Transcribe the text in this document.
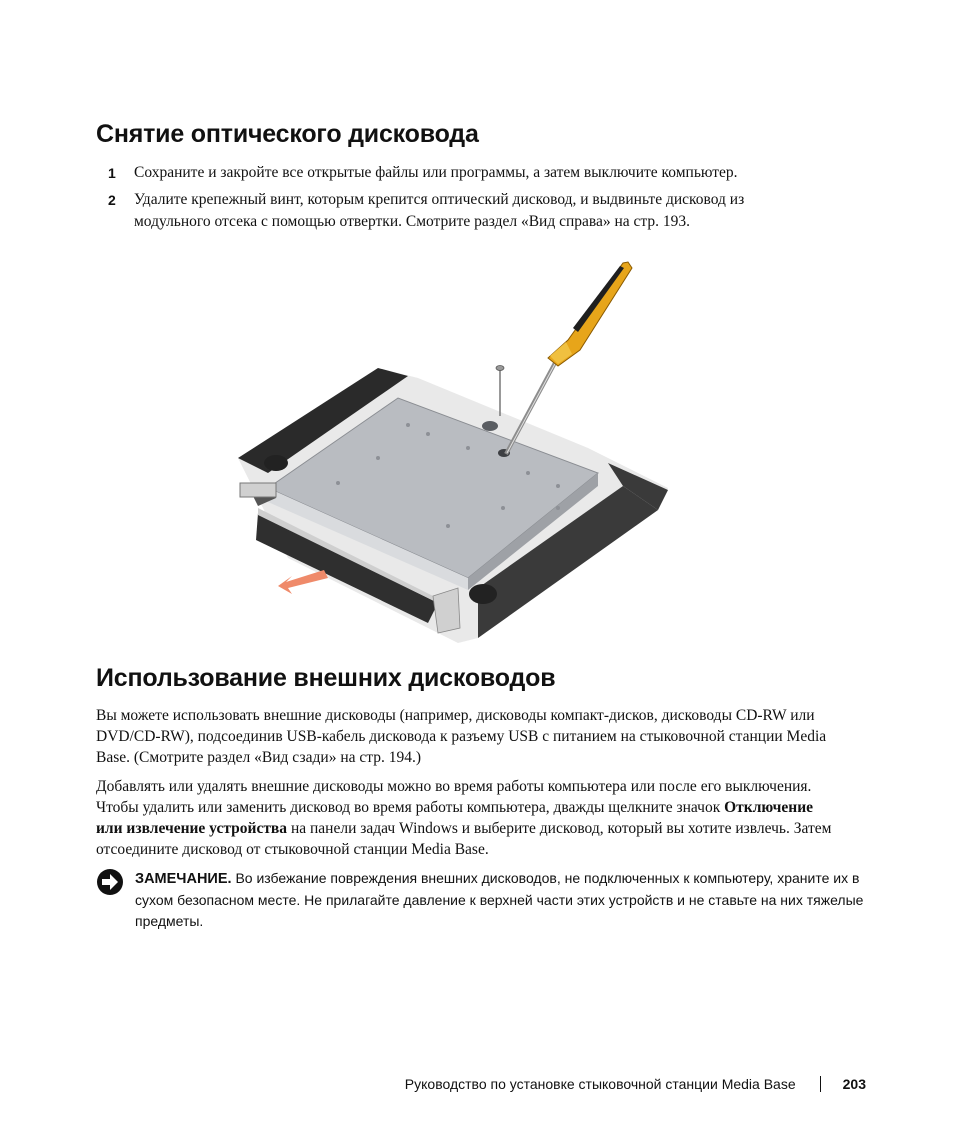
Снятие оптического дисковода
1 Сохраните и закройте все открытые файлы или программы, а затем выключите компьютер.
2 Удалите крепежный винт, которым крепится оптический дисковод, и выдвиньте дисковод из модульного отсека с помощью отвертки. Смотрите раздел «Вид справа» на стр. 193.
Использование внешних дисководов

Вы можете использовать внешние дисководы (например, дисководы компакт-дисков, дисководы CD-RW или DVD/CD-RW), подсоединив USB-кабель дисковода к разъему USB с питанием на стыковочной станции Media Base. (Смотрите раздел «Вид сзади» на стр. 194.)

Добавлять или удалять внешние дисководы можно во время работы компьютера или после его выключения. Чтобы удалить или заменить дисковод во время работы компьютера, дважды щелкните значок Отключение или извлечение устройства на панели задач Windows и выберите дисковод, который вы хотите извлечь. Затем отсоедините дисковод от стыковочной станции Media Base.

ЗАМЕЧАНИЕ. Во избежание повреждения внешних дисководов, не подключенных к компьютеру, храните их в сухом безопасном месте. Не прилагайте давление к верхней части этих устройств и не ставьте на них тяжелые предметы.
Руководство по установке стыковочной станции Media Base	203
